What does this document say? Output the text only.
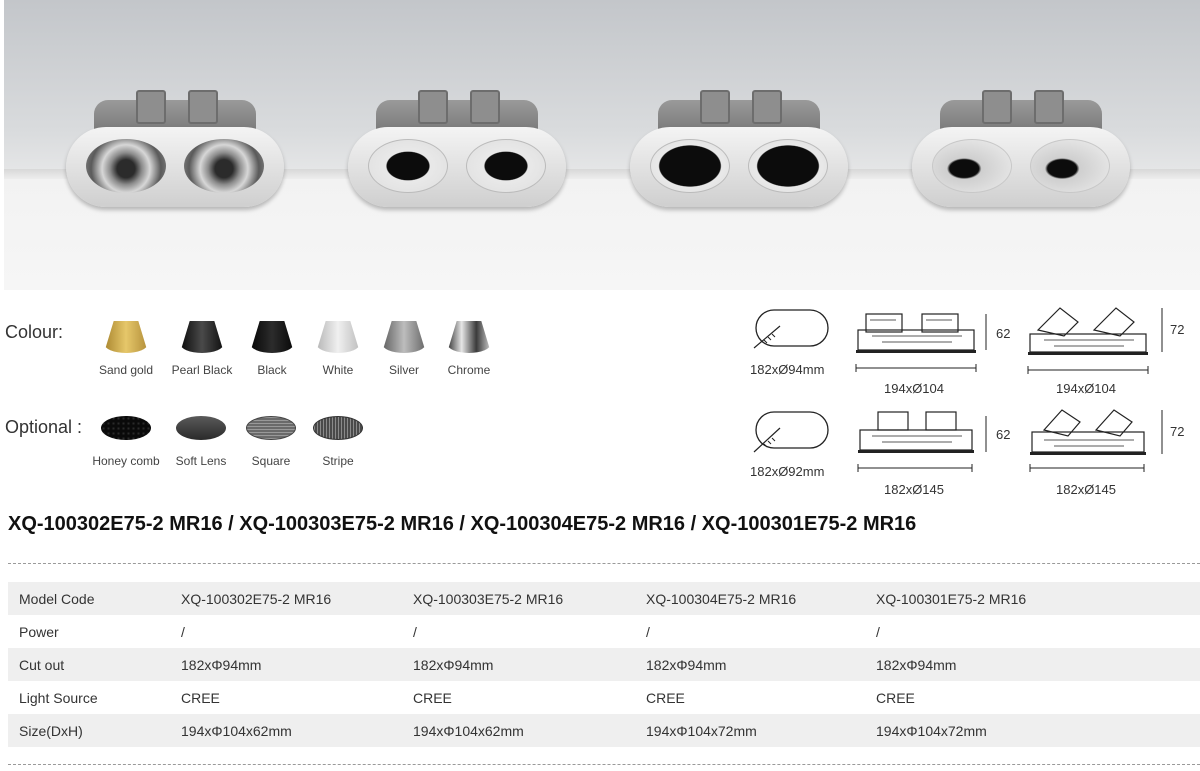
Colour:
Sand gold	Pearl Black	Black	White	Silver	Chrome
Optional :
Honey comb	Soft Lens	Square	Stripe
182xØ94mm
182xØ92mm
62
194xØ104
72
194xØ104
62
182xØ145
72
182xØ145
XQ-100302E75-2 MR16 / XQ-100303E75-2 MR16 / XQ-100304E75-2 MR16 / XQ-100301E75-2 MR16
Model Code	XQ-100302E75-2 MR16	XQ-100303E75-2 MR16	XQ-100304E75-2 MR16	XQ-100301E75-2 MR16
Power	/	/	/	/
Cut out	182xΦ94mm	182xΦ94mm	182xΦ94mm	182xΦ94mm
Light Source	CREE	CREE	CREE	CREE
Size(DxH)	194xΦ104x62mm	194xΦ104x62mm	194xΦ104x72mm	194xΦ104x72mm
